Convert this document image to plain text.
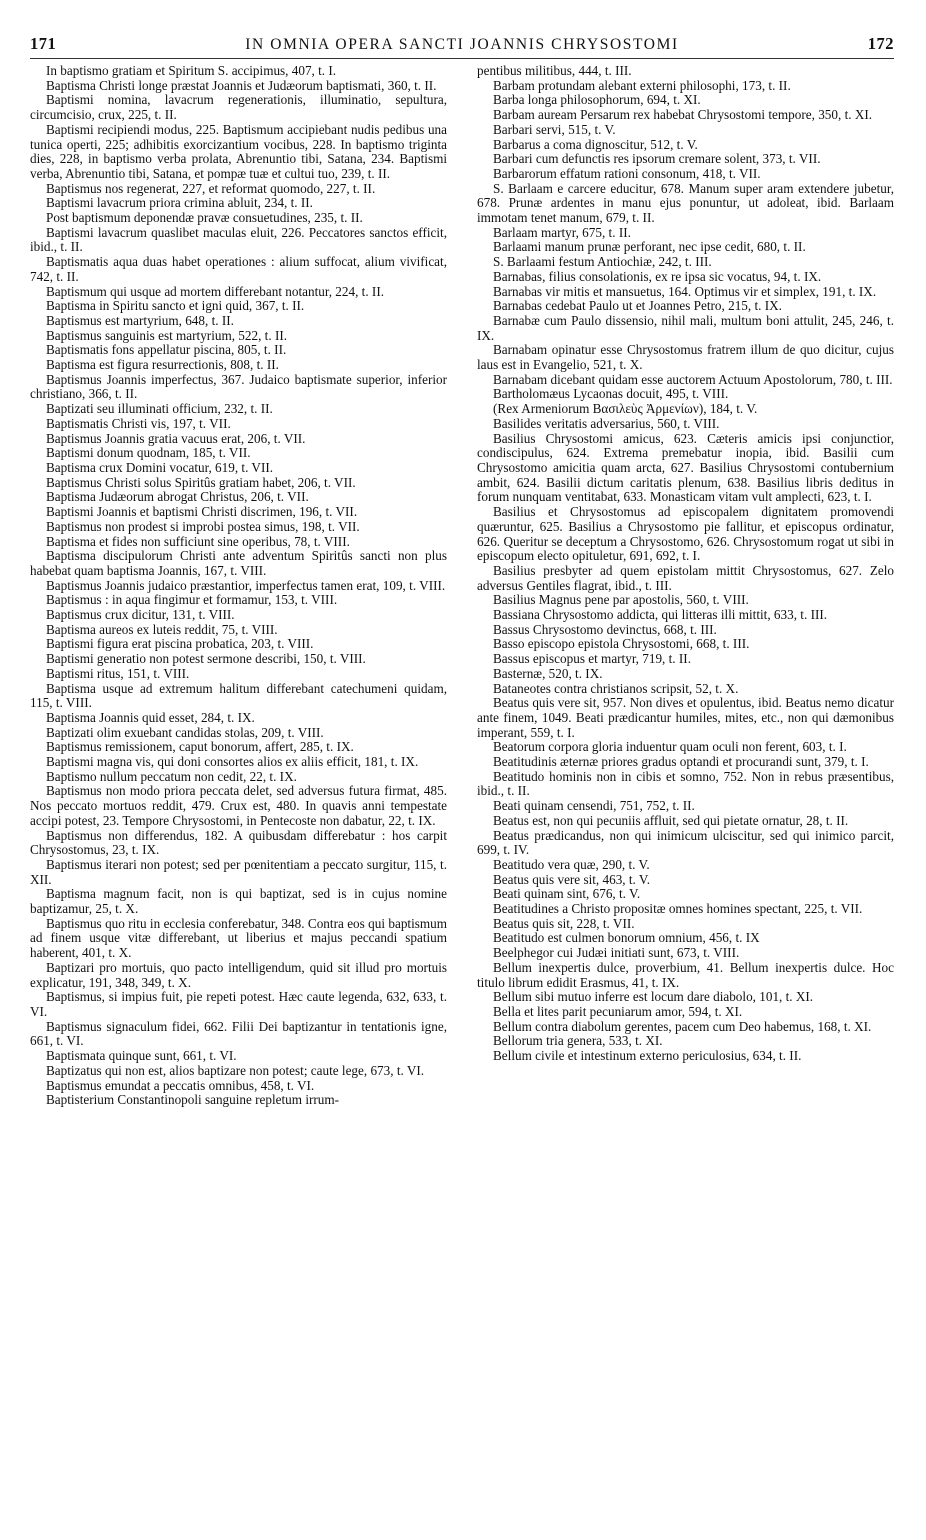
171	IN OMNIA OPERA SANCTI JOANNIS CHRYSOSTOMI	172

In baptismo gratiam et Spiritum S. accipimus, 407, t. I.

Baptisma Christi longe præstat Joannis et Judæorum baptismati, 360, t. II.

Baptismi nomina, lavacrum regenerationis, illuminatio, sepultura, circumcisio, crux, 225, t. II.

Baptismi recipiendi modus, 225. Baptismum accipiebant nudis pedibus una tunica operti, 225; adhibitis exorcizantium vocibus, 228. In baptismo triginta dies, 228, in baptismo verba prolata, Abrenuntio tibi, Satana, 234. Baptismi verba, Abrenuntio tibi, Satana, et pompæ tuæ et cultui tuo, 239, t. II.

Baptismus nos regenerat, 227, et reformat quomodo, 227, t. II.

Baptismi lavacrum priora crimina abluit, 234, t. II.

Post baptismum deponendæ pravæ consuetudines, 235, t. II.

Baptismi lavacrum quaslibet maculas eluit, 226. Peccatores sanctos efficit, ibid., t. II.

Baptismatis aqua duas habet operationes : alium suffocat, alium vivificat, 742, t. II.

Baptismum qui usque ad mortem differebant notantur, 224, t. II.

Baptisma in Spiritu sancto et igni quid, 367, t. II.

Baptismus est martyrium, 648, t. II.

Baptismus sanguinis est martyrium, 522, t. II.

Baptismatis fons appellatur piscina, 805, t. II.

Baptisma est figura resurrectionis, 808, t. II.

Baptismus Joannis imperfectus, 367. Judaico baptismate superior, inferior christiano, 366, t. II.

Baptizati seu illuminati officium, 232, t. II.

Baptismatis Christi vis, 197, t. VII.

Baptismus Joannis gratia vacuus erat, 206, t. VII.

Baptismi donum quodnam, 185, t. VII.

Baptisma crux Domini vocatur, 619, t. VII.

Baptismus Christi solus Spiritûs gratiam habet, 206, t. VII.

Baptisma Judæorum abrogat Christus, 206, t. VII.

Baptismi Joannis et baptismi Christi discrimen, 196, t. VII.

Baptismus non prodest si improbi postea simus, 198, t. VII.

Baptisma et fides non sufficiunt sine operibus, 78, t. VIII.

Baptisma discipulorum Christi ante adventum Spiritûs sancti non plus habebat quam baptisma Joannis, 167, t. VIII.

Baptismus Joannis judaico præstantior, imperfectus tamen erat, 109, t. VIII.

Baptismus : in aqua fingimur et formamur, 153, t. VIII.

Baptismus crux dicitur, 131, t. VIII.

Baptisma aureos ex luteis reddit, 75, t. VIII.

Baptismi figura erat piscina probatica, 203, t. VIII.

Baptismi generatio non potest sermone describi, 150, t. VIII.

Baptismi ritus, 151, t. VIII.

Baptisma usque ad extremum halitum differebant catechumeni quidam, 115, t. VIII.

Baptisma Joannis quid esset, 284, t. IX.

Baptizati olim exuebant candidas stolas, 209, t. VIII.

Baptismus remissionem, caput bonorum, affert, 285, t. IX.

Baptismi magna vis, qui doni consortes alios ex aliis efficit, 181, t. IX.

Baptismo nullum peccatum non cedit, 22, t. IX.

Baptismus non modo priora peccata delet, sed adversus futura firmat, 485. Nos peccato mortuos reddit, 479. Crux est, 480. In quavis anni tempestate accipi potest, 23. Tempore Chrysostomi, in Pentecoste non dabatur, 22, t. IX.

Baptismus non differendus, 182. A quibusdam differebatur : hos carpit Chrysostomus, 23, t. IX.

Baptismus iterari non potest; sed per pœnitentiam a peccato surgitur, 115, t. XII.

Baptisma magnum facit, non is qui baptizat, sed is in cujus nomine baptizamur, 25, t. X.

Baptismus quo ritu in ecclesia conferebatur, 348. Contra eos qui baptismum ad finem usque vitæ differebant, ut liberius et majus peccandi spatium haberent, 401, t. X.

Baptizari pro mortuis, quo pacto intelligendum, quid sit illud pro mortuis explicatur, 191, 348, 349, t. X.

Baptismus, si impius fuit, pie repeti potest. Hæc caute legenda, 632, 633, t. VI.

Baptismus signaculum fidei, 662. Filii Dei baptizantur in tentationis igne, 661, t. VI.

Baptismata quinque sunt, 661, t. VI.

Baptizatus qui non est, alios baptizare non potest; caute lege, 673, t. VI.

Baptismus emundat a peccatis omnibus, 458, t. VI.

Baptisterium Constantinopoli sanguine repletum irrum-

pentibus militibus, 444, t. III.

Barbam protundam alebant externi philosophi, 173, t. II.

Barba longa philosophorum, 694, t. XI.

Barbam auream Persarum rex habebat Chrysostomi tempore, 350, t. XI.

Barbari servi, 515, t. V.

Barbarus a coma dignoscitur, 512, t. V.

Barbari cum defunctis res ipsorum cremare solent, 373, t. VII.

Barbarorum effatum rationi consonum, 418, t. VII.

S. Barlaam e carcere educitur, 678. Manum super aram extendere jubetur, 678. Prunæ ardentes in manu ejus ponuntur, ut adoleat, ibid. Barlaam immotam tenet manum, 679, t. II.

Barlaam martyr, 675, t. II.

Barlaami manum prunæ perforant, nec ipse cedit, 680, t. II.

S. Barlaami festum Antiochiæ, 242, t. III.

Barnabas, filius consolationis, ex re ipsa sic vocatus, 94, t. IX.

Barnabas vir mitis et mansuetus, 164. Optimus vir et simplex, 191, t. IX.

Barnabas cedebat Paulo ut et Joannes Petro, 215, t. IX.

Barnabæ cum Paulo dissensio, nihil mali, multum boni attulit, 245, 246, t. IX.

Barnabam opinatur esse Chrysostomus fratrem illum de quo dicitur, cujus laus est in Evangelio, 521, t. X.

Barnabam dicebant quidam esse auctorem Actuum Apostolorum, 780, t. III.

Bartholomæus Lycaonas docuit, 495, t. VIII.

(Rex Armeniorum Βασιλεὺς Ἀρμενίων), 184, t. V.

Basilides veritatis adversarius, 560, t. VIII.

Basilius Chrysostomi amicus, 623. Cæteris amicis ipsi conjunctior, condiscipulus, 624. Extrema premebatur inopia, ibid. Basilii cum Chrysostomo amicitia quam arcta, 627. Basilius Chrysostomi contubernium ambit, 624. Basilii dictum caritatis plenum, 638. Basilius libris deditus in forum nunquam ventitabat, 633. Monasticam vitam vult amplecti, 623, t. I.

Basilius et Chrysostomus ad episcopalem dignitatem promovendi quæruntur, 625. Basilius a Chrysostomo pie fallitur, et episcopus ordinatur, 626. Queritur se deceptum a Chrysostomo, 626. Chrysostomum rogat ut sibi in episcopum electo opituletur, 691, 692, t. I.

Basilius presbyter ad quem epistolam mittit Chrysostomus, 627. Zelo adversus Gentiles flagrat, ibid., t. III.

Basilius Magnus pene par apostolis, 560, t. VIII.

Bassiana Chrysostomo addicta, qui litteras illi mittit, 633, t. III.

Bassus Chrysostomo devinctus, 668, t. III.

Basso episcopo epistola Chrysostomi, 668, t. III.

Bassus episcopus et martyr, 719, t. II.

Basternæ, 520, t. IX.

Bataneotes contra christianos scripsit, 52, t. X.

Beatus quis vere sit, 957. Non dives et opulentus, ibid. Beatus nemo dicatur ante finem, 1049. Beati prædicantur humiles, mites, etc., non qui dæmonibus imperant, 559, t. I.

Beatorum corpora gloria induentur quam oculi non ferent, 603, t. I.

Beatitudinis æternæ priores gradus optandi et procurandi sunt, 379, t. I.

Beatitudo hominis non in cibis et somno, 752. Non in rebus præsentibus, ibid., t. II.

Beati quinam censendi, 751, 752, t. II.

Beatus est, non qui pecuniis affluit, sed qui pietate ornatur, 28, t. II.

Beatus prædicandus, non qui inimicum ulciscitur, sed qui inimico parcit, 699, t. IV.

Beatitudo vera quæ, 290, t. V.

Beatus quis vere sit, 463, t. V.

Beati quinam sint, 676, t. V.

Beatitudines a Christo propositæ omnes homines spectant, 225, t. VII.

Beatus quis sit, 228, t. VII.

Beatitudo est culmen bonorum omnium, 456, t. IX

Beelphegor cui Judæi initiati sunt, 673, t. VIII.

Bellum inexpertis dulce, proverbium, 41. Bellum inexpertis dulce. Hoc titulo librum edidit Erasmus, 41, t. IX.

Bellum sibi mutuo inferre est locum dare diabolo, 101, t. XI.

Bella et lites parit pecuniarum amor, 594, t. XI.

Bellum contra diabolum gerentes, pacem cum Deo habemus, 168, t. XI.

Bellorum tria genera, 533, t. XI.

Bellum civile et intestinum externo periculosius, 634, t. II.
